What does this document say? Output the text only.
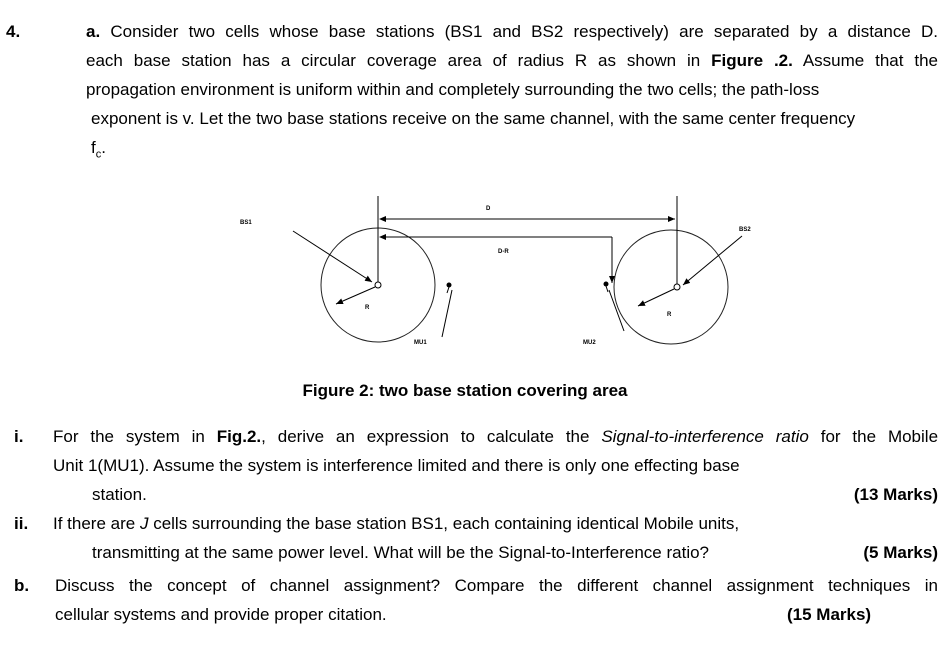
4.	a. Consider two cells whose base stations (BS1 and BS2 respectively) are separated by a distance D.
each base station has a circular coverage area of radius R as shown in Figure .2. Assume that the
propagation environment is uniform within and completely surrounding the two cells; the path-loss
exponent is v. Let the two base stations receive on the same channel, with the same center frequency
$f_c$.
BS1
BS2
D
D-R
R
R
MU1	MU2
Figure 2: two base station covering area
i. For the system in Fig.2., derive an expression to calculate the Signal-to-interference ratio for the Mobile
Unit 1(MU1). Assume the system is interference limited and there is only one effecting base
station.	(13 Marks)
ii. If there are J cells surrounding the base station BS1, each containing identical Mobile units,
transmitting at the same power level. What will be the Signal-to-Interference ratio?	(5 Marks)
b. Discuss the concept of channel assignment? Compare the different channel assignment techniques in
cellular systems and provide proper citation.	(15 Marks)
